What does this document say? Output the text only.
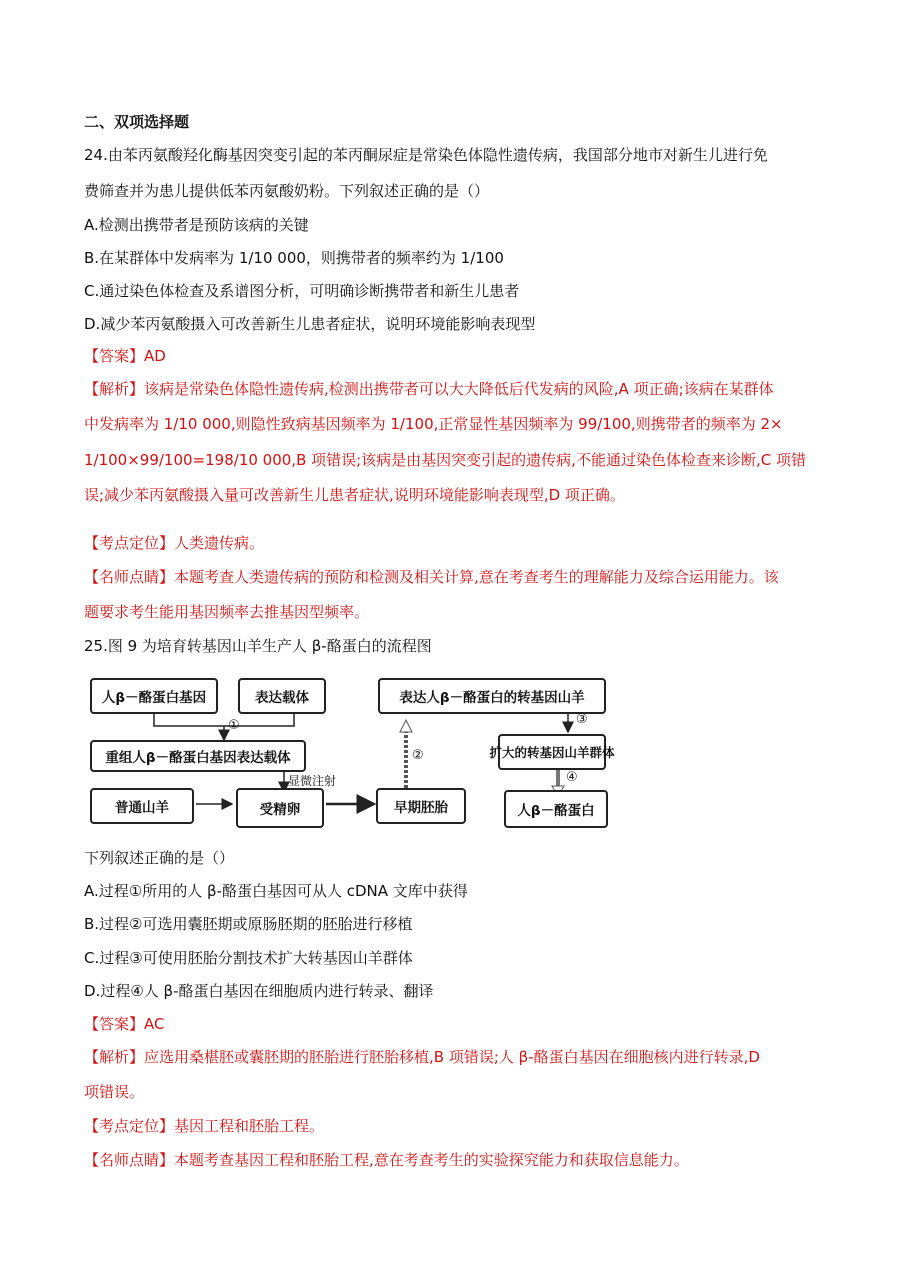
二、双项选择题
24.由苯丙氨酸羟化酶基因突变引起的苯丙酮尿症是常染色体隐性遗传病，我国部分地市对新生儿进行免
费筛查并为患儿提供低苯丙氨酸奶粉。下列叙述正确的是（）
A.检测出携带者是预防该病的关键
B.在某群体中发病率为 1/10 000，则携带者的频率约为 1/100
C.通过染色体检查及系谱图分析，可明确诊断携带者和新生儿患者
D.减少苯丙氨酸摄入可改善新生儿患者症状，说明环境能影响表现型
【答案】AD
【解析】该病是常染色体隐性遗传病,检测出携带者可以大大降低后代发病的风险,A 项正确;该病在某群体
中发病率为 1/10 000,则隐性致病基因频率为 1/100,正常显性基因频率为 99/100,则携带者的频率为 2×
1/100×99/100=198/10 000,B 项错误;该病是由基因突变引起的遗传病,不能通过染色体检查来诊断,C 项错
误;减少苯丙氨酸摄入量可改善新生儿患者症状,说明环境能影响表现型,D 项正确。
【考点定位】人类遗传病。
【名师点睛】本题考查人类遗传病的预防和检测及相关计算,意在考查考生的理解能力及综合运用能力。该
题要求考生能用基因频率去推基因型频率。
25.图 9 为培育转基因山羊生产人 β-酪蛋白的流程图
人β－酪蛋白基因	表达载体
重组人β－酪蛋白基因表达载体
普通山羊	受精卵	早期胚胎
表达人β－酪蛋白的转基因山羊
扩大的转基因山羊群体
人β－酪蛋白
①
显微注射
②
③
④
下列叙述正确的是（）
A.过程①所用的人 β-酪蛋白基因可从人 cDNA 文库中获得
B.过程②可选用囊胚期或原肠胚期的胚胎进行移植
C.过程③可使用胚胎分割技术扩大转基因山羊群体
D.过程④人 β-酪蛋白基因在细胞质内进行转录、翻译
【答案】AC
【解析】应选用桑椹胚或囊胚期的胚胎进行胚胎移植,B 项错误;人 β-酪蛋白基因在细胞核内进行转录,D
项错误。
【考点定位】基因工程和胚胎工程。
【名师点睛】本题考查基因工程和胚胎工程,意在考查考生的实验探究能力和获取信息能力。
